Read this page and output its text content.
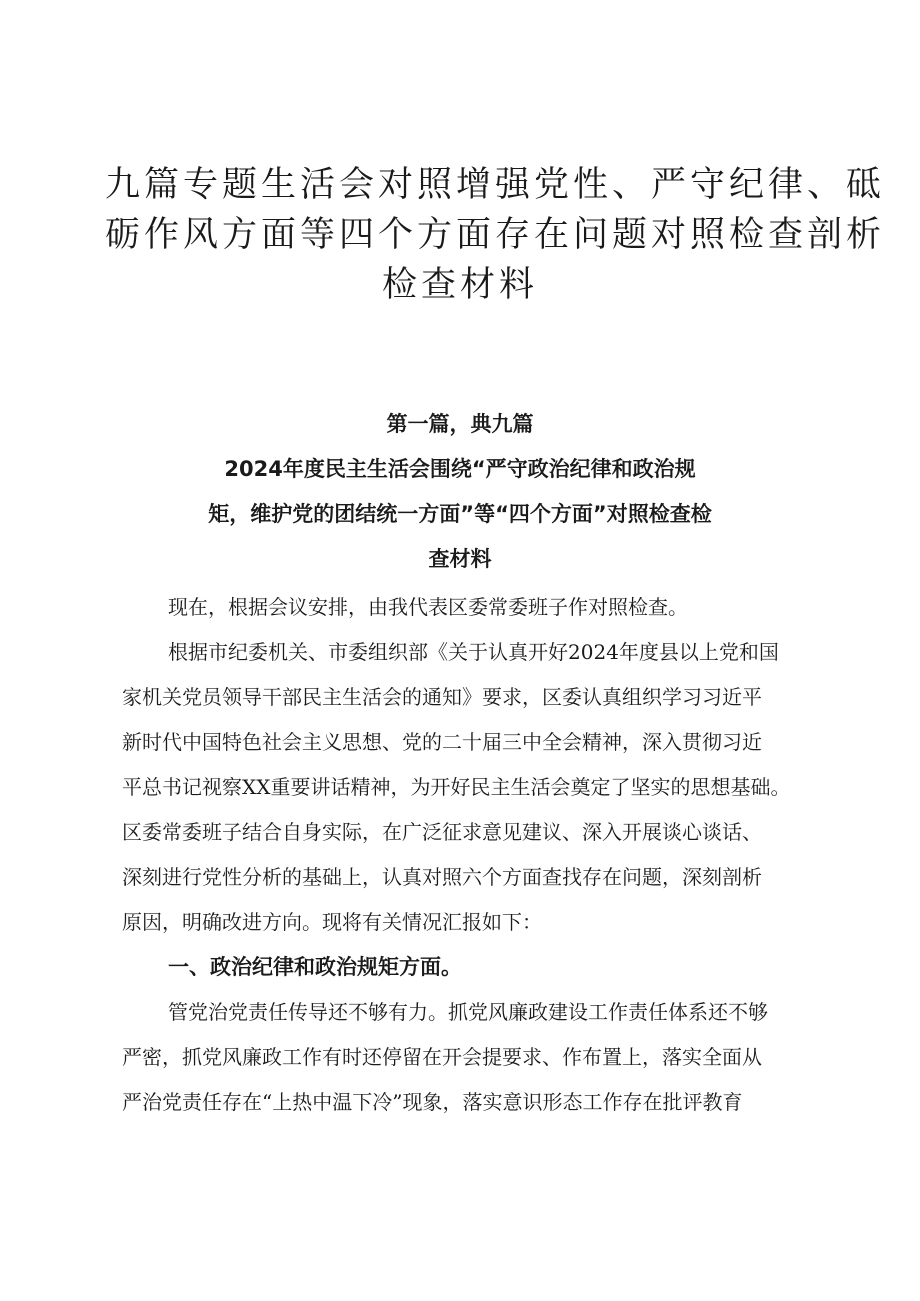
九篇专题生活会对照增强党性、严守纪律、砥
砺作风方面等四个方面存在问题对照检查剖析
检查材料
第一篇，典九篇
2024年度民主生活会围绕“严守政治纪律和政治规
矩，维护党的团结统一方面”等“四个方面”对照检查检
查材料
现在，根据会议安排，由我代表区委常委班子作对照检查。
根据市纪委机关、市委组织部《关于认真开好2024年度县以上党和国
家机关党员领导干部民主生活会的通知》要求，区委认真组织学习习近平
新时代中国特色社会主义思想、党的二十届三中全会精神，深入贯彻习近
平总书记视察XX重要讲话精神，为开好民主生活会奠定了坚实的思想基础。
区委常委班子结合自身实际，在广泛征求意见建议、深入开展谈心谈话、
深刻进行党性分析的基础上，认真对照六个方面查找存在问题，深刻剖析
原因，明确改进方向。现将有关情况汇报如下：
一、政治纪律和政治规矩方面。
管党治党责任传导还不够有力。抓党风廉政建设工作责任体系还不够
严密，抓党风廉政工作有时还停留在开会提要求、作布置上，落实全面从
严治党责任存在“上热中温下冷”现象，落实意识形态工作存在批评教育
